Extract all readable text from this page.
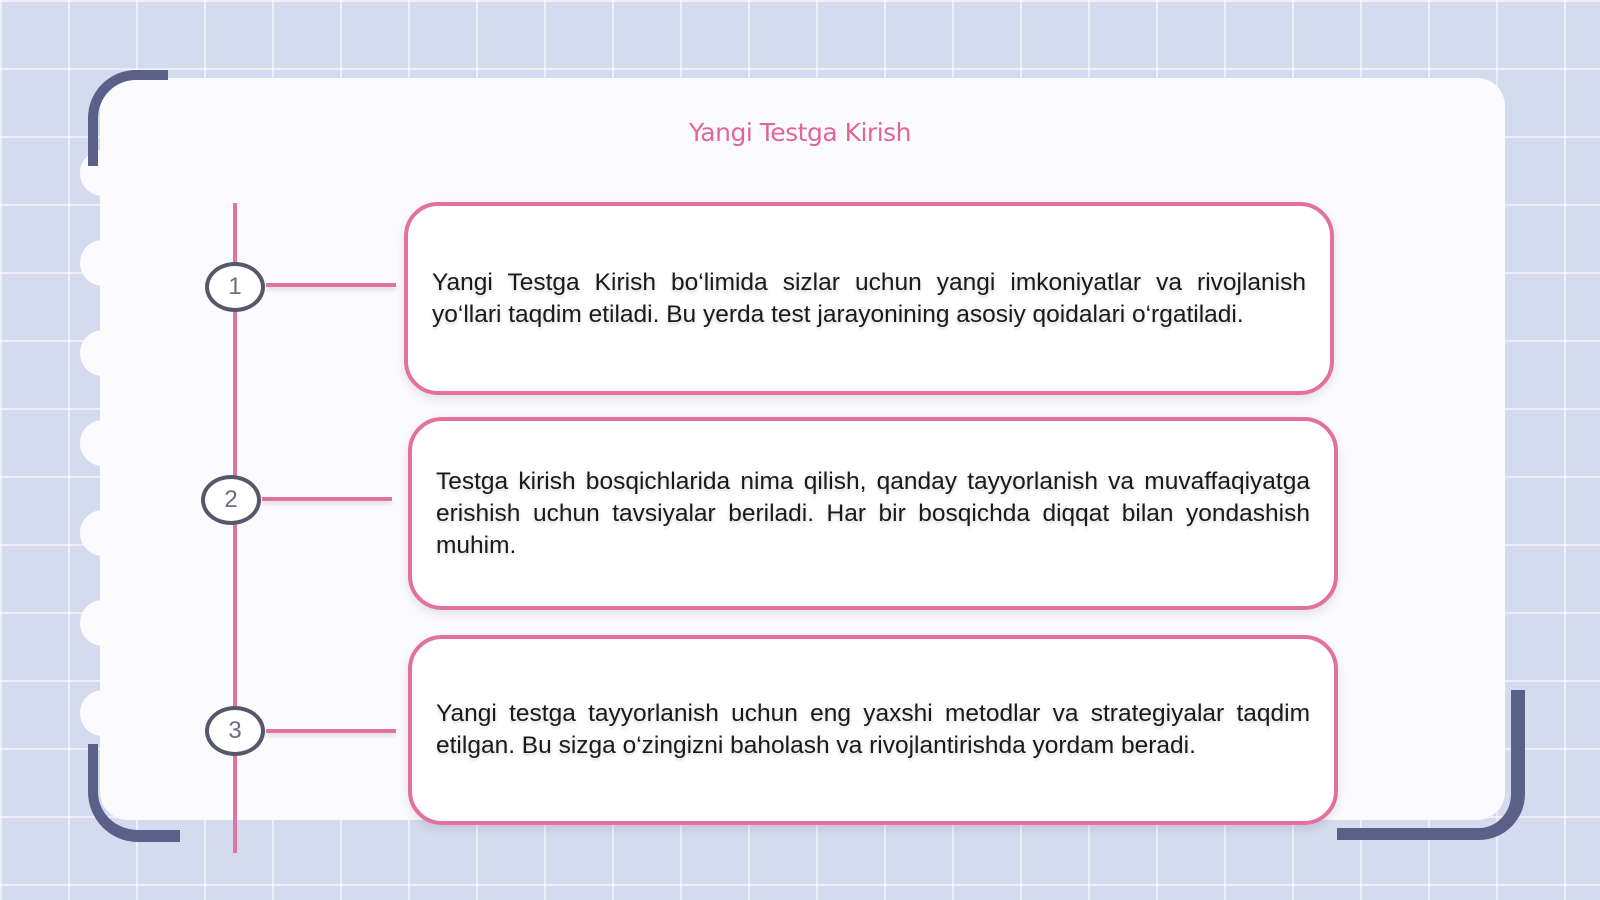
Yangi Testga Kirish
1
2
3

Yangi Testga Kirish bo‘limida sizlar uchun yangi imkoniyatlar va rivojlanish yo‘llari taqdim etiladi. Bu yerda test jarayonining asosiy qoidalari o‘rgatiladi.

Testga kirish bosqichlarida nima qilish, qanday tayyorlanish va muvaffaqiyatga erishish uchun tavsiyalar beriladi. Har bir bosqichda diqqat bilan yondashish muhim.

Yangi testga tayyorlanish uchun eng yaxshi metodlar va strategiyalar taqdim etilgan. Bu sizga o‘zingizni baholash va rivojlantirishda yordam beradi.
